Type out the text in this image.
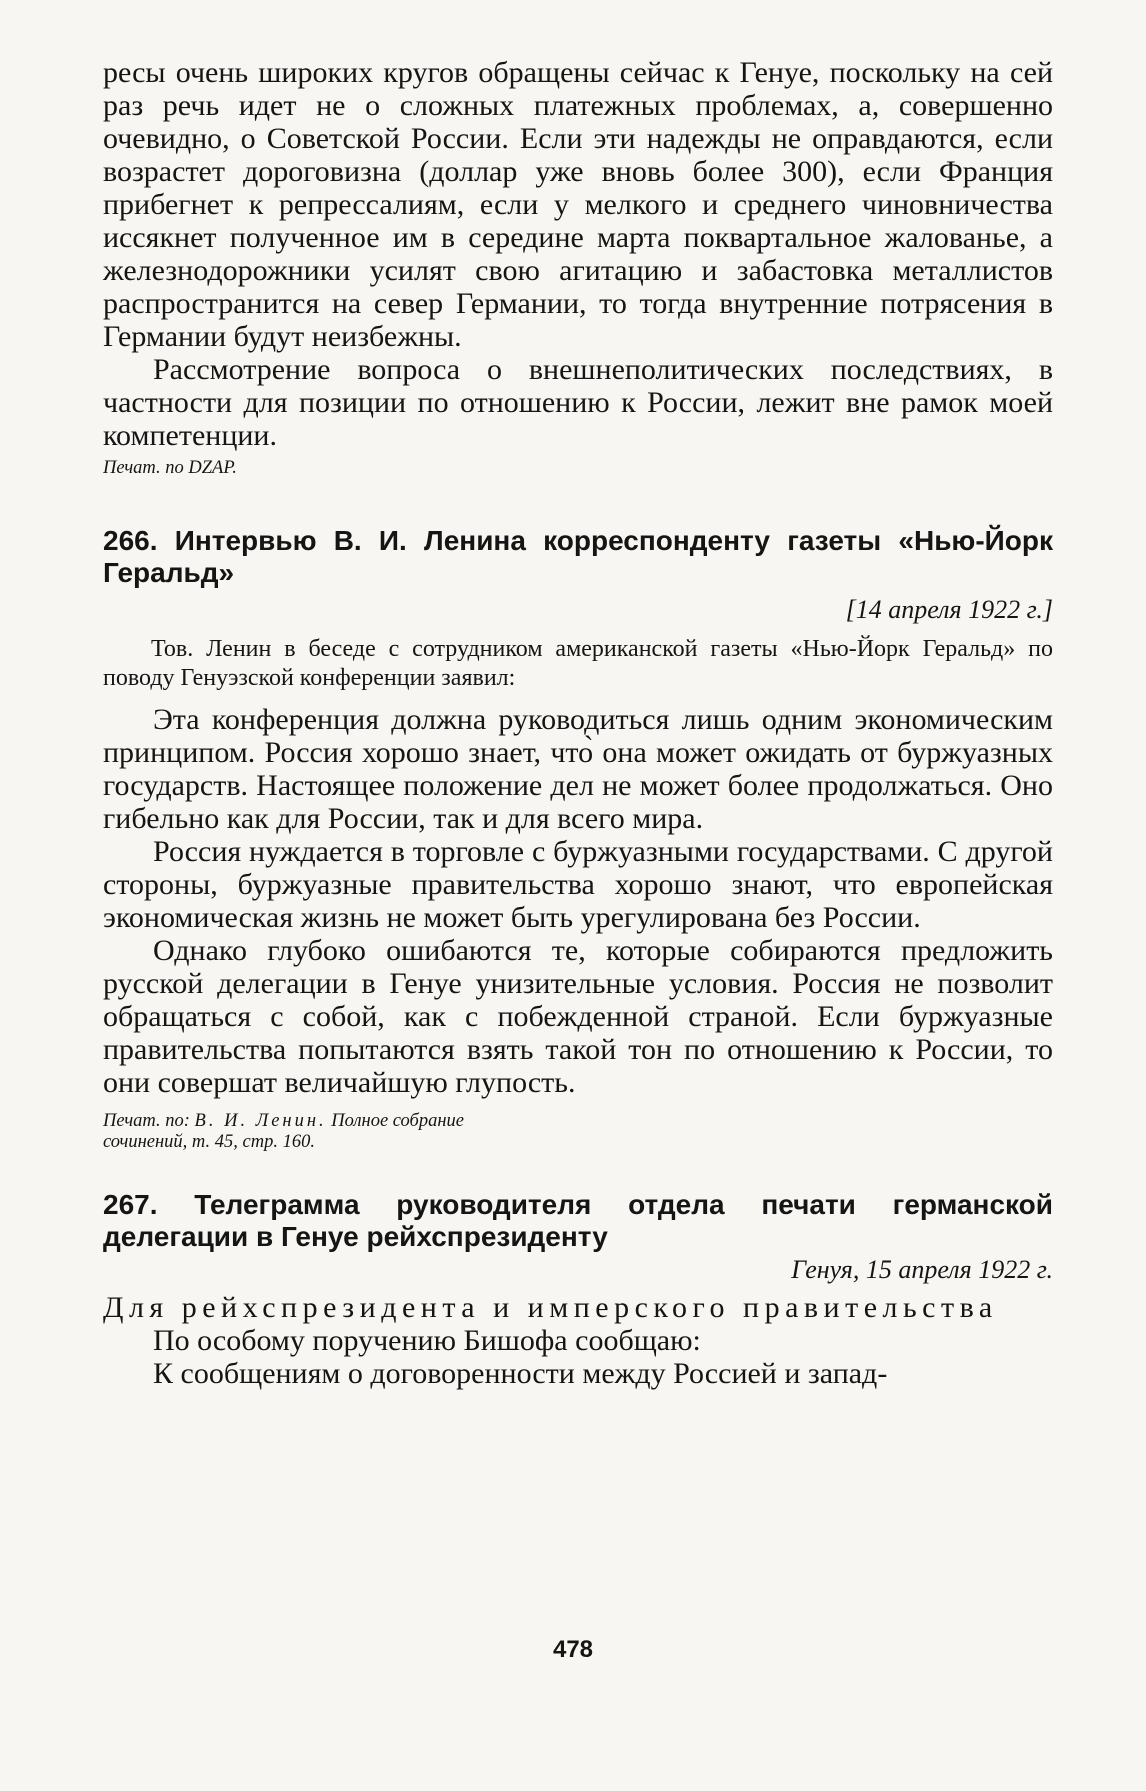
ресы очень широких кругов обращены сейчас к Генуе, поскольку на сей раз речь идет не о сложных платежных проблемах, а, совершенно очевидно, о Советской России. Если эти надежды не оправдаются, если возрастет дороговизна (доллар уже вновь более 300), если Франция прибегнет к репрессалиям, если у мелкого и среднего чиновничества иссякнет полученное им в середине марта поквартальное жалованье, а железнодорожники усилят свою агитацию и забастовка металлистов распространится на север Германии, то тогда внутренние потрясения в Германии будут неизбежны.

Рассмотрение вопроса о внешнеполитических последствиях, в частности для позиции по отношению к России, лежит вне рамок моей компетенции.

Печат. по DZAP.

266. Интервью В. И. Ленина корреспонденту газеты «Нью-Йорк Геральд»

[14 апреля 1922 г.]

Тов. Ленин в беседе с сотрудником американской газеты «Нью-Йорк Геральд» по поводу Генуэзской конференции заявил:

Эта конференция должна руководиться лишь одним экономическим принципом. Россия хорошо знает, что̀ она может ожидать от буржуазных государств. Настоящее положение дел не может более продолжаться. Оно гибельно как для России, так и для всего мира.

Россия нуждается в торговле с буржуазными государствами. С другой стороны, буржуазные правительства хорошо знают, что европейская экономическая жизнь не может быть урегулирована без России.

Однако глубоко ошибаются те, которые собираются предложить русской делегации в Генуе унизительные условия. Россия не позволит обращаться с собой, как с побежденной страной. Если буржуазные правительства попытаются взять такой тон по отношению к России, то они совершат величайшую глупость.

Печат. по: В. И. Ленин. Полное собрание
сочинений, т. 45, стр. 160.

267. Телеграмма руководителя отдела печати германской делегации в Генуе рейхспрезиденту

Генуя, 15 апреля 1922 г.

Для рейхспрезидента и имперского правительства

По особому поручению Бишофа сообщаю:

К сообщениям о договоренности между Россией и запад-

478
